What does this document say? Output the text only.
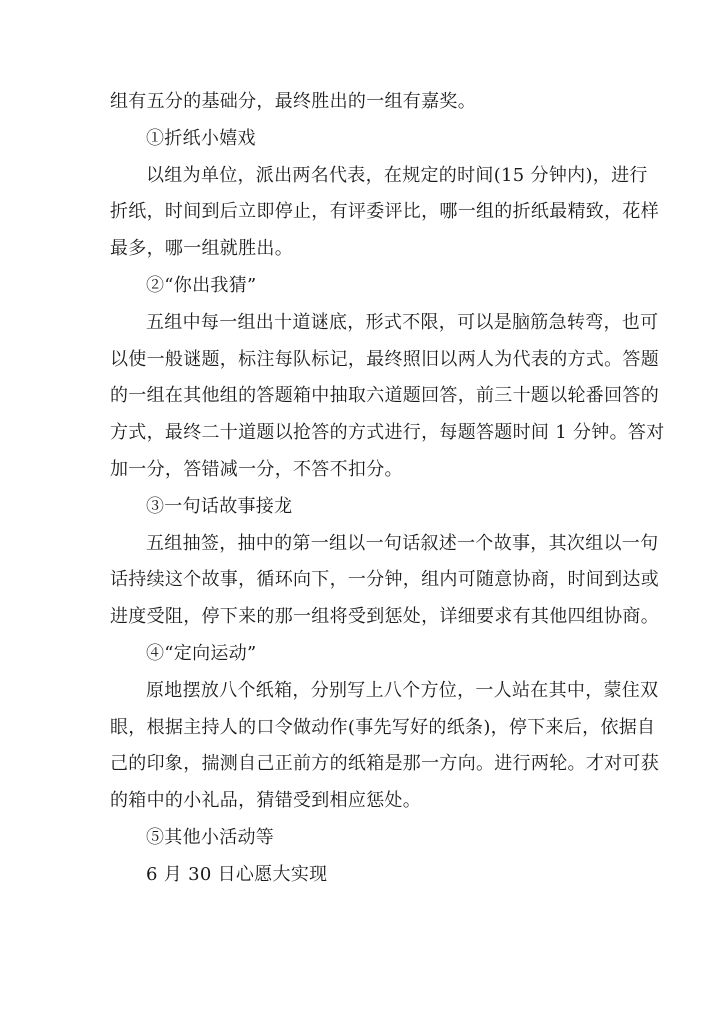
组有五分的基础分，最终胜出的一组有嘉奖。
①折纸小嬉戏
以组为单位，派出两名代表，在规定的时间(15 分钟内)，进行
折纸，时间到后立即停止，有评委评比，哪一组的折纸最精致，花样
最多，哪一组就胜出。
②“你出我猜”
五组中每一组出十道谜底，形式不限，可以是脑筋急转弯，也可
以使一般谜题，标注每队标记，最终照旧以两人为代表的方式。答题
的一组在其他组的答题箱中抽取六道题回答，前三十题以轮番回答的
方式，最终二十道题以抢答的方式进行，每题答题时间 1 分钟。答对
加一分，答错减一分，不答不扣分。
③一句话故事接龙
五组抽签，抽中的第一组以一句话叙述一个故事，其次组以一句
话持续这个故事，循环向下，一分钟，组内可随意协商，时间到达或
进度受阻，停下来的那一组将受到惩处，详细要求有其他四组协商。
④“定向运动”
原地摆放八个纸箱，分别写上八个方位，一人站在其中，蒙住双
眼，根据主持人的口令做动作(事先写好的纸条)，停下来后，依据自
己的印象，揣测自己正前方的纸箱是那一方向。进行两轮。才对可获
的箱中的小礼品，猜错受到相应惩处。
⑤其他小活动等
6 月 30 日心愿大实现
